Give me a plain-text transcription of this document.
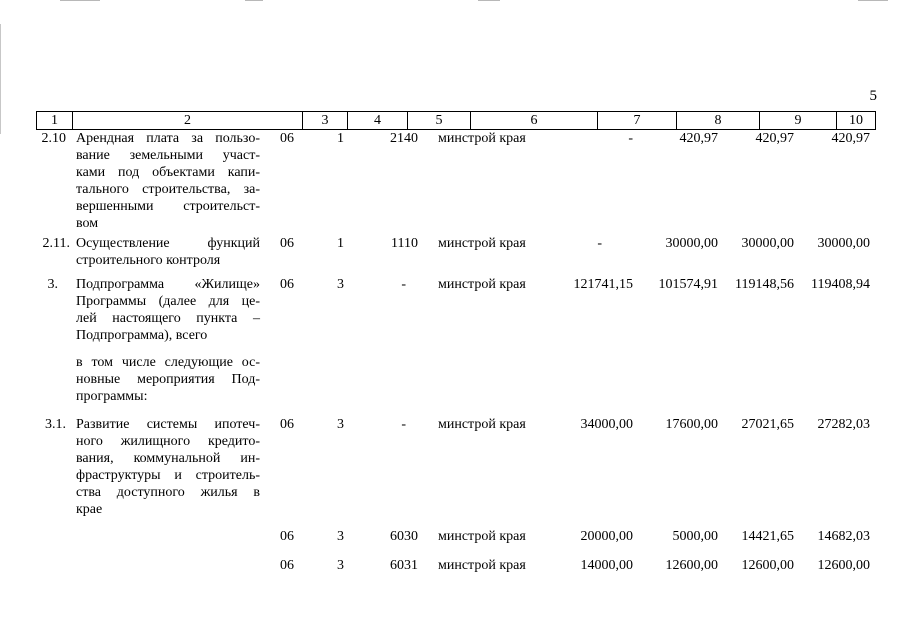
5
1	2	3	4	5	6	7	8	9	10
2.10 Арендная плата за пользо-
вание земельными участ-
ками под объектами капи-
тального строительства, за-
вершенными строительст-
вом
06	1	2140 минстрой края	-	420,97	420,97	420,97
2.11. Осуществление функций
строительного контроля
06	1	1110 минстрой края	-	30000,00	30000,00	30000,00
3. Подпрограмма «Жилище»
Программы (далее для це-
лей настоящего пункта –
Подпрограмма), всего
06	3	- минстрой края	121741,15	101574,91	119148,56	119408,94
в том числе следующие ос-
новные мероприятия Под-
программы:
3.1. Развитие системы ипотеч-
ного жилищного кредито-
вания, коммунальной ин-
фраструктуры и строитель-
ства доступного жилья в
крае
06	3	- минстрой края	34000,00	17600,00	27021,65	27282,03
06	3	6030 минстрой края	20000,00	5000,00	14421,65	14682,03
06	3	6031 минстрой края	14000,00	12600,00	12600,00	12600,00
